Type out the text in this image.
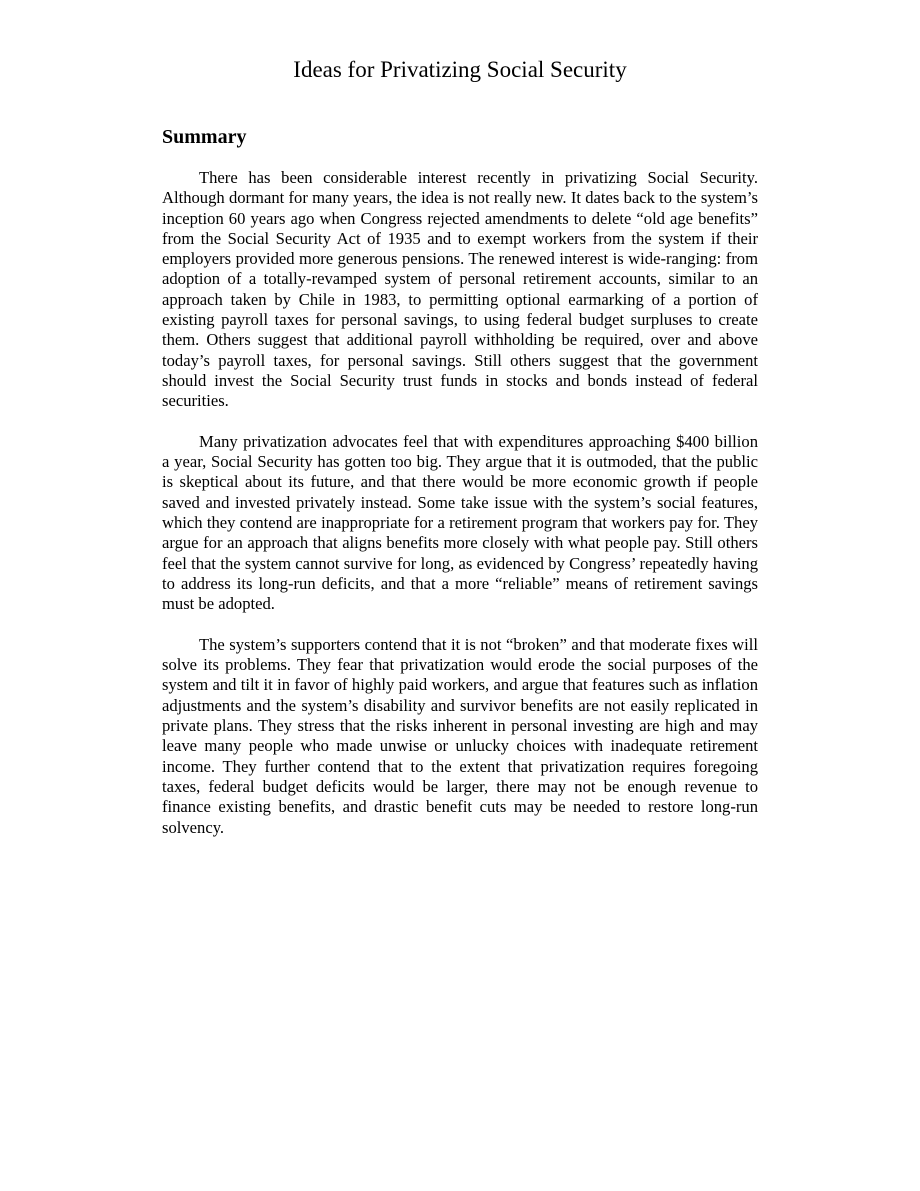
Ideas for Privatizing Social Security
Summary

There has been considerable interest recently in privatizing Social Security. Although dormant for many years, the idea is not really new. It dates back to the system’s inception 60 years ago when Congress rejected amendments to delete “old age benefits” from the Social Security Act of 1935 and to exempt workers from the system if their employers provided more generous pensions. The renewed interest is wide-ranging: from adoption of a totally-revamped system of personal retirement accounts, similar to an approach taken by Chile in 1983, to permitting optional earmarking of a portion of existing payroll taxes for personal savings, to using federal budget surpluses to create them. Others suggest that additional payroll withholding be required, over and above today’s payroll taxes, for personal savings. Still others suggest that the government should invest the Social Security trust funds in stocks and bonds instead of federal securities.

Many privatization advocates feel that with expenditures approaching $400 billion a year, Social Security has gotten too big. They argue that it is outmoded, that the public is skeptical about its future, and that there would be more economic growth if people saved and invested privately instead. Some take issue with the system’s social features, which they contend are inappropriate for a retirement program that workers pay for. They argue for an approach that aligns benefits more closely with what people pay. Still others feel that the system cannot survive for long, as evidenced by Congress’ repeatedly having to address its long-run deficits, and that a more “reliable” means of retirement savings must be adopted.

The system’s supporters contend that it is not “broken” and that moderate fixes will solve its problems. They fear that privatization would erode the social purposes of the system and tilt it in favor of highly paid workers, and argue that features such as inflation adjustments and the system’s disability and survivor benefits are not easily replicated in private plans. They stress that the risks inherent in personal investing are high and may leave many people who made unwise or unlucky choices with inadequate retirement income. They further contend that to the extent that privatization requires foregoing taxes, federal budget deficits would be larger, there may not be enough revenue to finance existing benefits, and drastic benefit cuts may be needed to restore long-run solvency.
